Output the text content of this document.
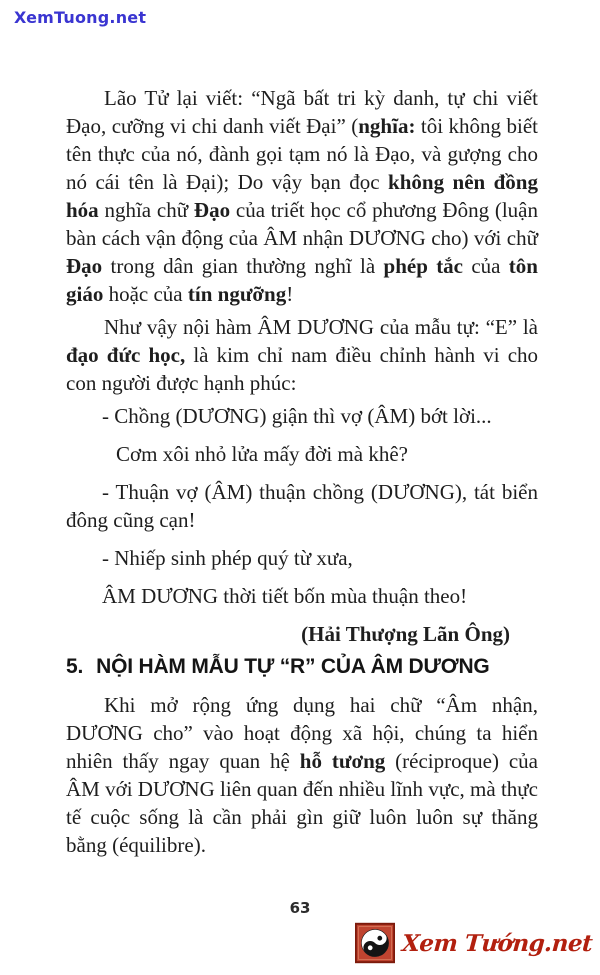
XemTuong.net

Lão Tử lại viết: “Ngã bất tri kỳ danh, tự chi viết Đạo, cưỡng vi chi danh viết Đại” (nghĩa: tôi không biết tên thực của nó, đành gọi tạm nó là Đạo, và gượng cho nó cái tên là Đại); Do vậy bạn đọc không nên đồng hóa nghĩa chữ Đạo của triết học cổ phương Đông (luận bàn cách vận động của ÂM nhận DƯƠNG cho) với chữ Đạo trong dân gian thường nghĩ là phép tắc của tôn giáo hoặc của tín ngưỡng!

Như vậy nội hàm ÂM DƯƠNG của mẫu tự: “E” là đạo đức học, là kim chỉ nam điều chỉnh hành vi cho con người được hạnh phúc:

- Chồng (DƯƠNG) giận thì vợ (ÂM) bớt lời...

Cơm xôi nhỏ lửa mấy đời mà khê?

- Thuận vợ (ÂM) thuận chồng (DƯƠNG), tát biển đông cũng cạn!

- Nhiếp sinh phép quý từ xưa,

ÂM DƯƠNG thời tiết bốn mùa thuận theo!

(Hải Thượng Lãn Ông)

5. NỘI HÀM MẪU TỰ “R” CỦA ÂM DƯƠNG

Khi mở rộng ứng dụng hai chữ “Âm nhận, DƯƠNG cho” vào hoạt động xã hội, chúng ta hiển nhiên thấy ngay quan hệ hỗ tương (réciproque) của ÂM với DƯƠNG liên quan đến nhiều lĩnh vực, mà thực tế cuộc sống là cần phải gìn giữ luôn luôn sự thăng bằng (équilibre).

63
Xem Tướng.net
